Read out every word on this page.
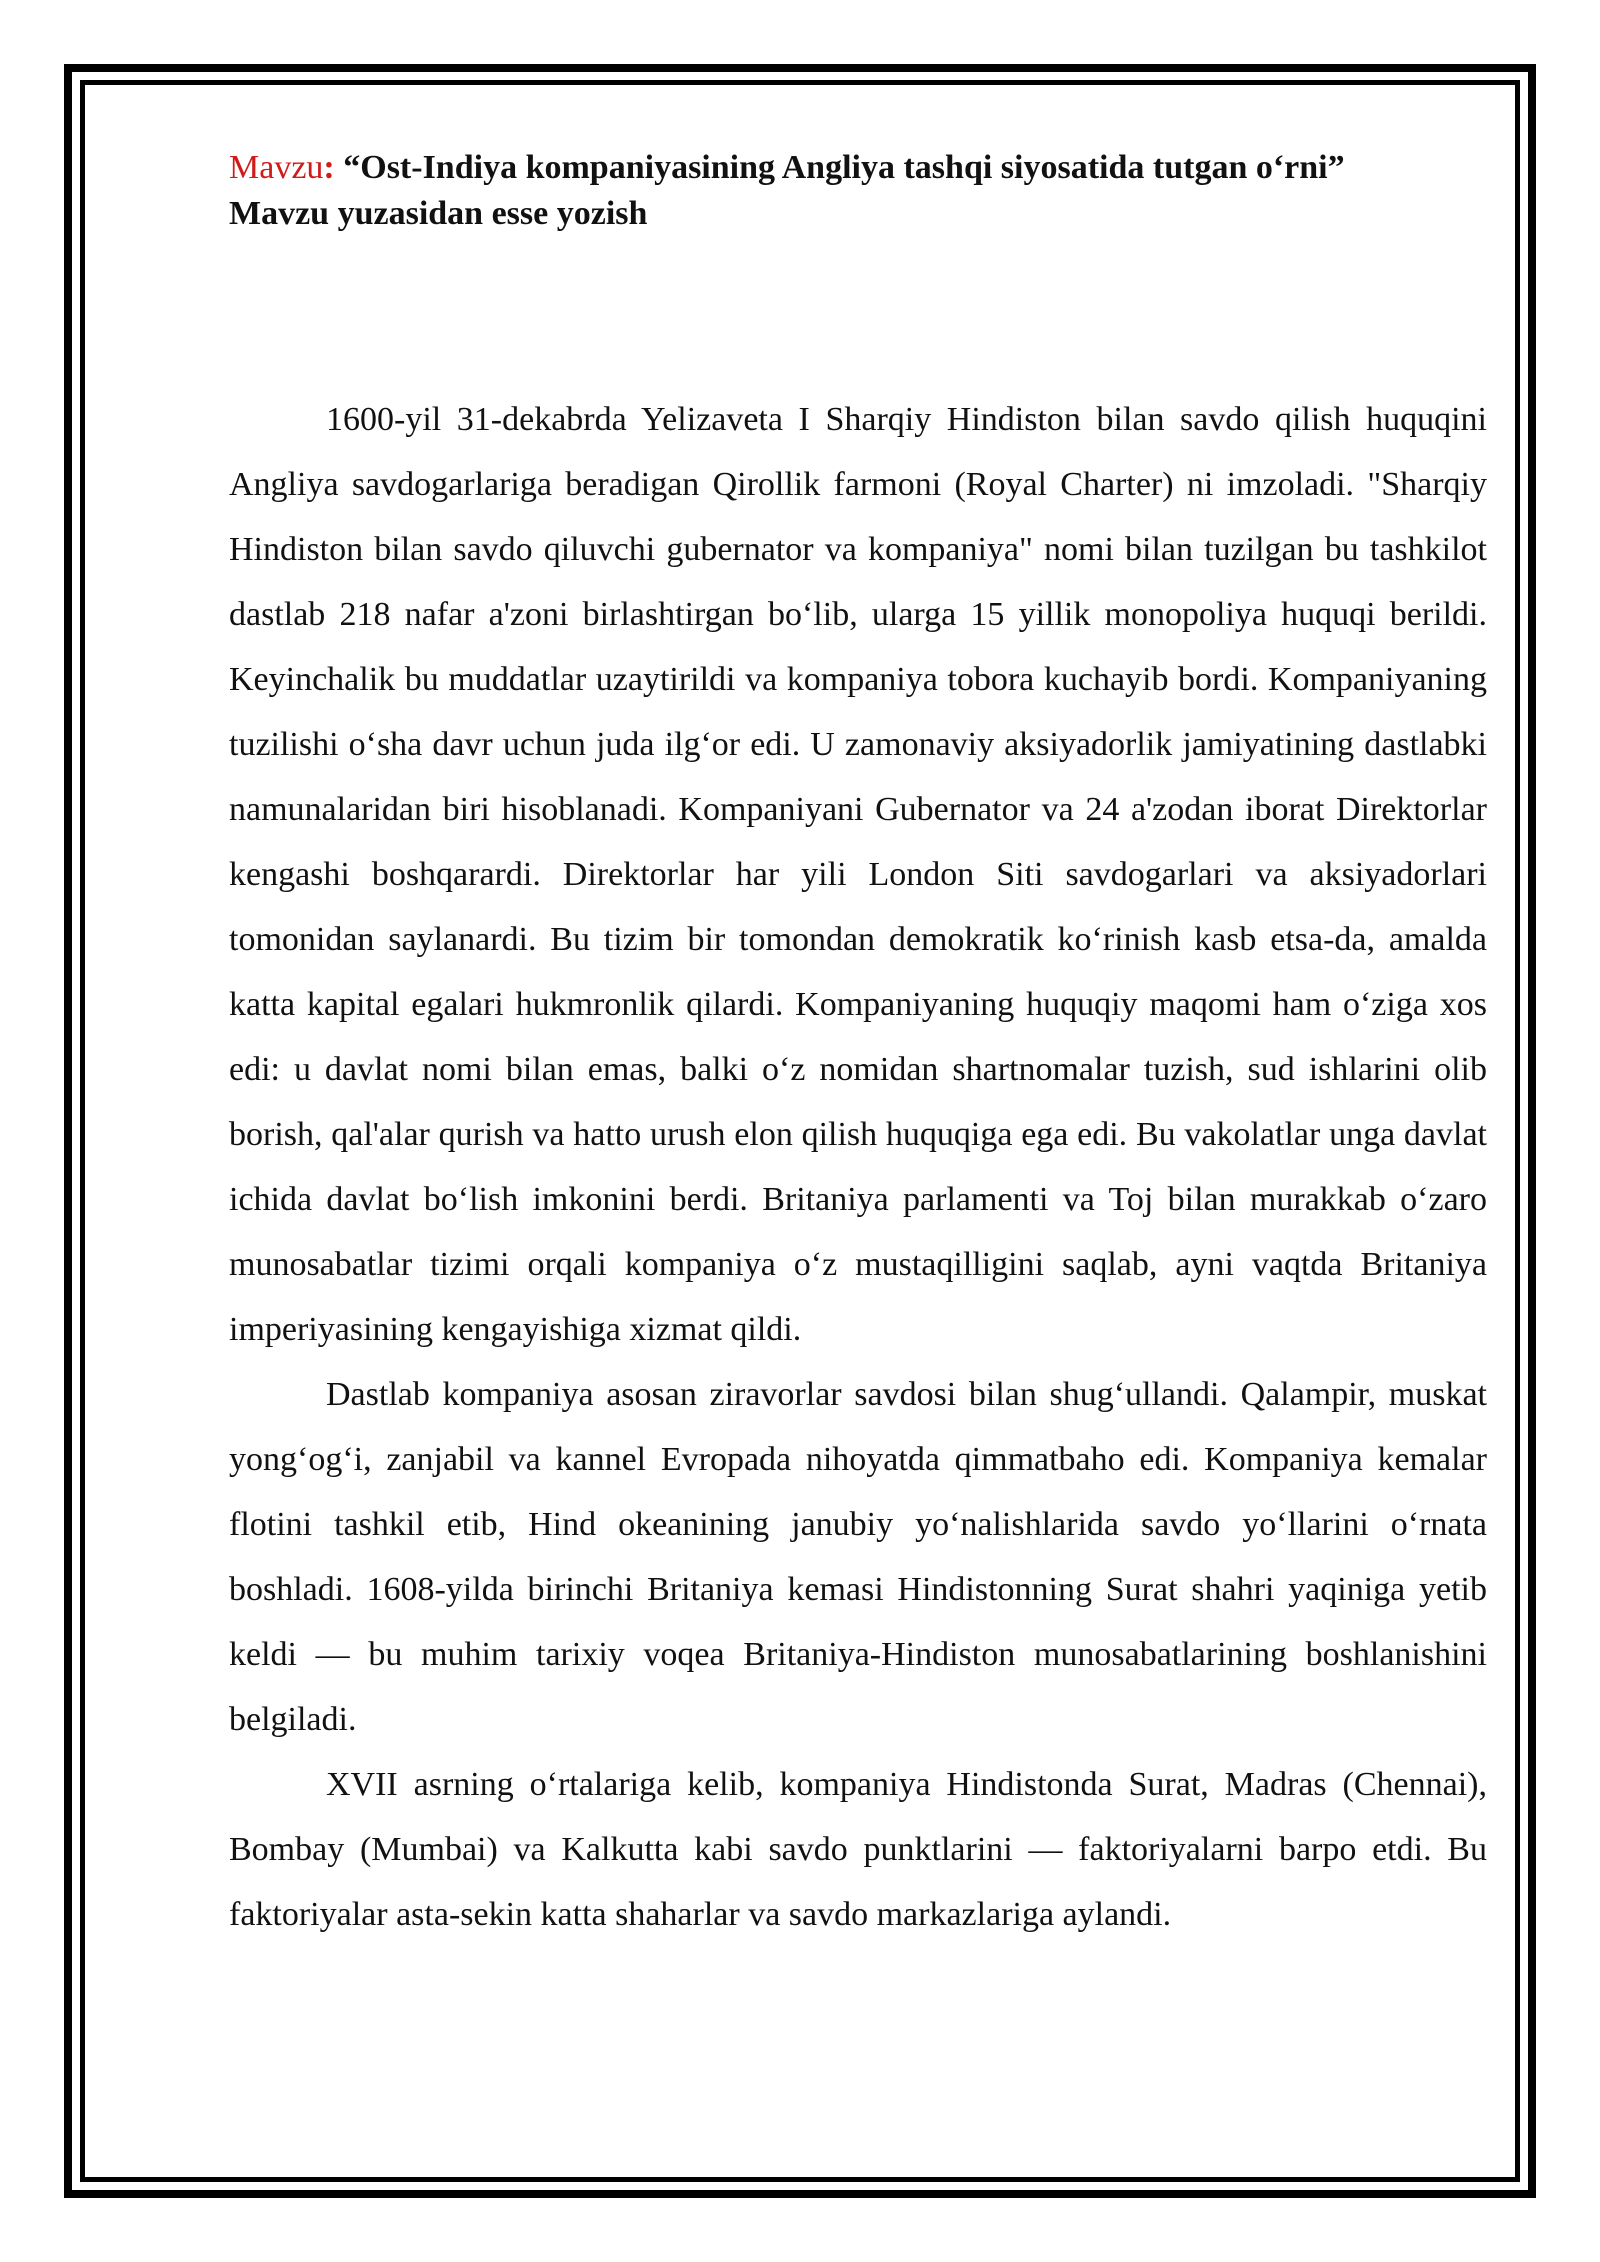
Mavzu: “Ost-Indiya kompaniyasining Angliya tashqi siyosatida tutgan o‘rni”
Mavzu yuzasidan esse yozish

1600-yil 31-dekabrda Yelizaveta I Sharqiy Hindiston bilan savdo qilish huquqini Angliya savdogarlariga beradigan Qirollik farmoni (Royal Charter) ni imzoladi. "Sharqiy Hindiston bilan savdo qiluvchi gubernator va kompaniya" nomi bilan tuzilgan bu tashkilot dastlab 218 nafar a'zoni birlashtirgan bo‘lib, ularga 15 yillik monopoliya huquqi berildi. Keyinchalik bu muddatlar uzaytirildi va kompaniya tobora kuchayib bordi. Kompaniyaning tuzilishi o‘sha davr uchun juda ilg‘or edi. U zamonaviy aksiyadorlik jamiyatining dastlabki namunalaridan biri hisoblanadi. Kompaniyani Gubernator va 24 a'zodan iborat Direktorlar kengashi boshqarardi. Direktorlar har yili London Siti savdogarlari va aksiyadorlari tomonidan saylanardi. Bu tizim bir tomondan demokratik ko‘rinish kasb etsa-da, amalda katta kapital egalari hukmronlik qilardi. Kompaniyaning huquqiy maqomi ham o‘ziga xos edi: u davlat nomi bilan emas, balki o‘z nomidan shartnomalar tuzish, sud ishlarini olib borish, qal'alar qurish va hatto urush elon qilish huquqiga ega edi. Bu vakolatlar unga davlat ichida davlat bo‘lish imkonini berdi. Britaniya parlamenti va Toj bilan murakkab o‘zaro munosabatlar tizimi orqali kompaniya o‘z mustaqilligini saqlab, ayni vaqtda Britaniya imperiyasining kengayishiga xizmat qildi.

Dastlab kompaniya asosan ziravorlar savdosi bilan shug‘ullandi. Qalampir, muskat yong‘og‘i, zanjabil va kannel Evropada nihoyatda qimmatbaho edi. Kompaniya kemalar flotini tashkil etib, Hind okeanining janubiy yo‘nalishlarida savdo yo‘llarini o‘rnata boshladi. 1608-yilda birinchi Britaniya kemasi Hindistonning Surat shahri yaqiniga yetib keldi — bu muhim tarixiy voqea Britaniya-Hindiston munosabatlarining boshlanishini belgiladi.

XVII asrning o‘rtalariga kelib, kompaniya Hindistonda Surat, Madras (Chennai), Bombay (Mumbai) va Kalkutta kabi savdo punktlarini — faktoriyalarni barpo etdi. Bu faktoriyalar asta-sekin katta shaharlar va savdo markazlariga aylandi.
